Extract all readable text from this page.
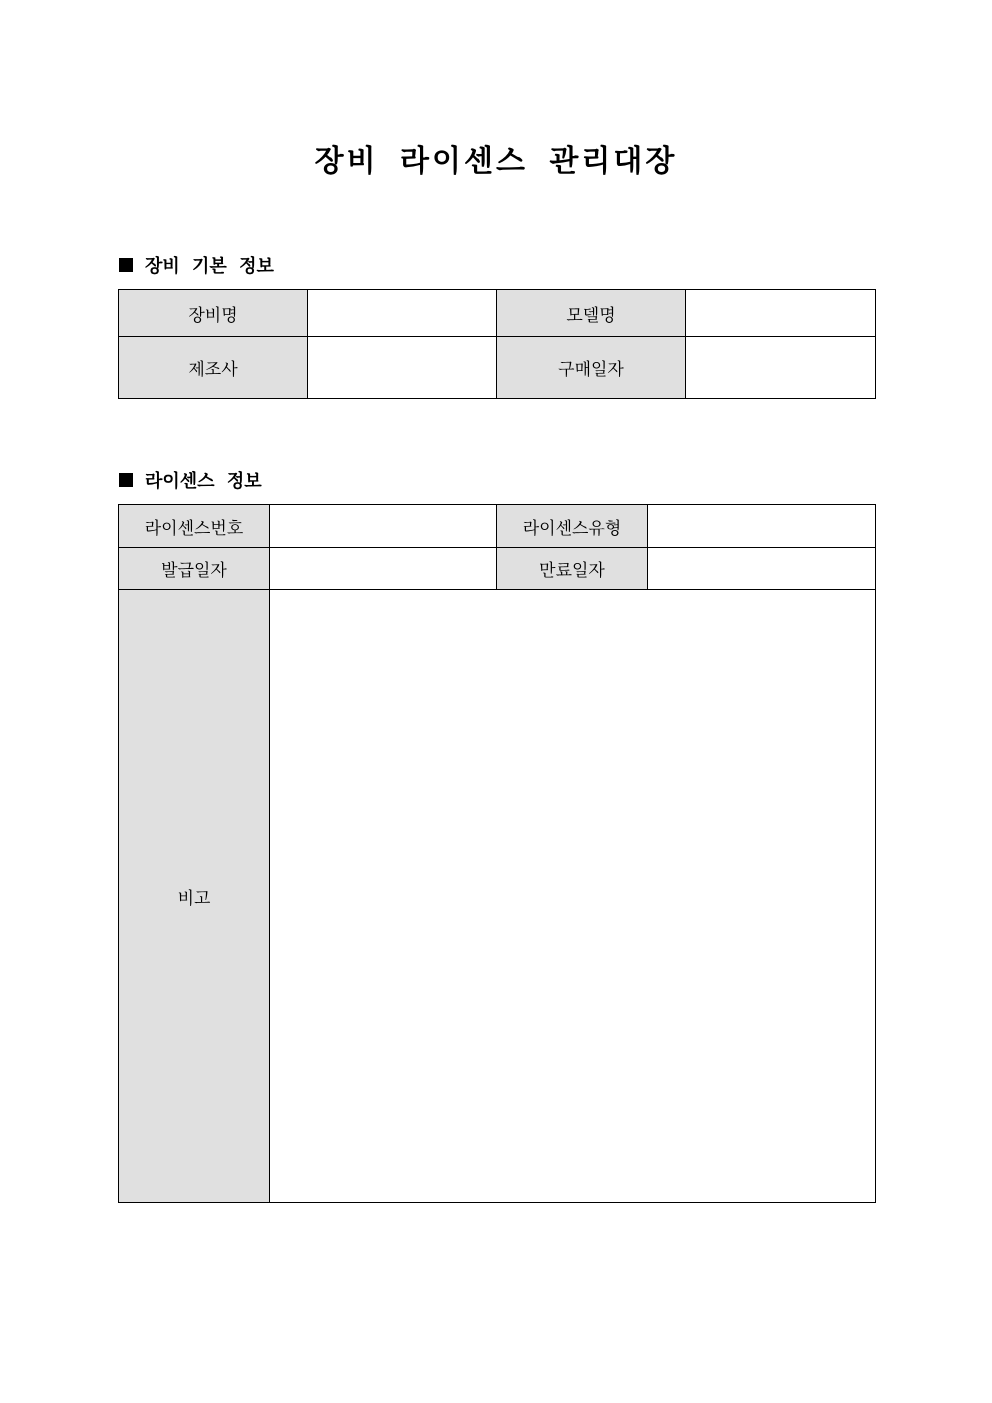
장비 라이센스 관리대장
장비 기본 정보
장비명		모델명	
제조사		구매일자	
라이센스 정보
라이센스번호		라이센스유형	
발급일자		만료일자	
비고			
